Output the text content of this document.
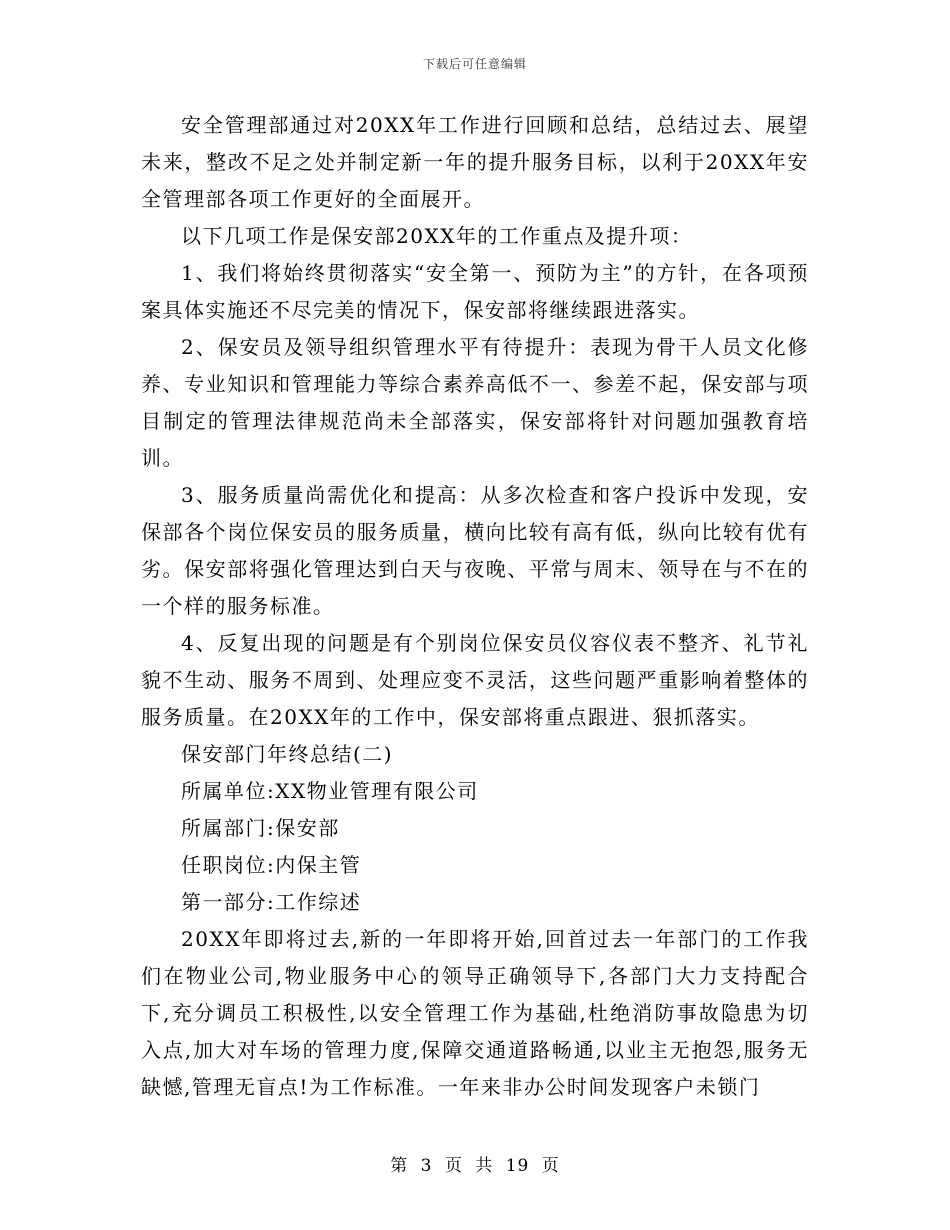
下载后可任意编辑

安全管理部通过对20XX年工作进行回顾和总结，总结过去、展望未来，整改不足之处并制定新一年的提升服务目标，以利于20XX年安全管理部各项工作更好的全面展开。

以下几项工作是保安部20XX年的工作重点及提升项：

1、我们将始终贯彻落实“安全第一、预防为主”的方针，在各项预案具体实施还不尽完美的情况下，保安部将继续跟进落实。

2、保安员及领导组织管理水平有待提升：表现为骨干人员文化修养、专业知识和管理能力等综合素养高低不一、参差不起，保安部与项目制定的管理法律规范尚未全部落实，保安部将针对问题加强教育培训。

3、服务质量尚需优化和提高：从多次检查和客户投诉中发现，安保部各个岗位保安员的服务质量，横向比较有高有低，纵向比较有优有劣。保安部将强化管理达到白天与夜晚、平常与周末、领导在与不在的一个样的服务标准。

4、反复出现的问题是有个别岗位保安员仪容仪表不整齐、礼节礼貌不生动、服务不周到、处理应变不灵活，这些问题严重影响着整体的服务质量。在20XX年的工作中，保安部将重点跟进、狠抓落实。

保安部门年终总结(二)

所属单位:XX物业管理有限公司

所属部门:保安部

任职岗位:内保主管

第一部分:工作综述

20XX年即将过去,新的一年即将开始,回首过去一年部门的工作我们在物业公司,物业服务中心的领导正确领导下,各部门大力支持配合下,充分调员工积极性,以安全管理工作为基础,杜绝消防事故隐患为切入点,加大对车场的管理力度,保障交通道路畅通,以业主无抱怨,服务无缺憾,管理无盲点!为工作标准。一年来非办公时间发现客户未锁门

第 3 页 共 19 页
